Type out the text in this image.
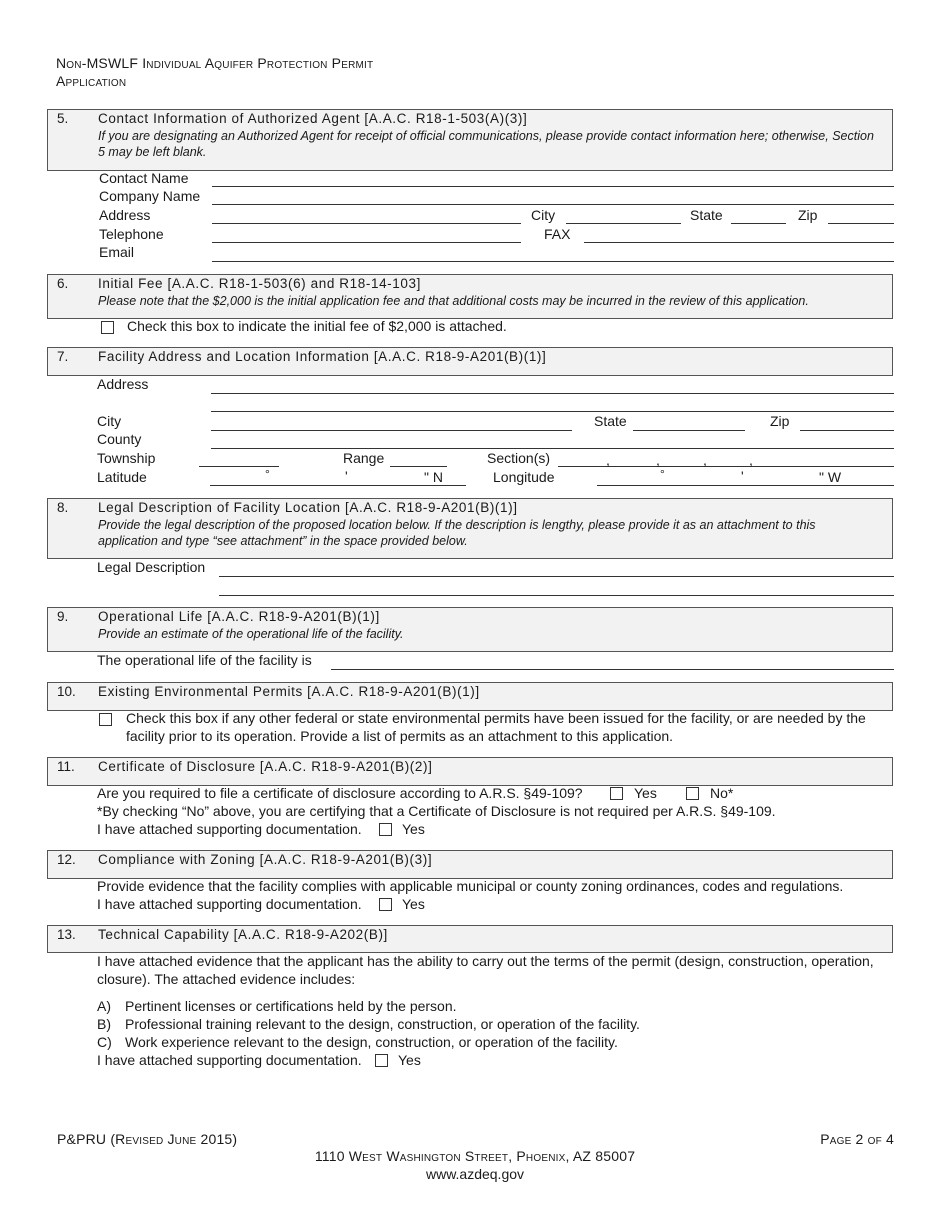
Non-MSWLF Individual Aquifer Protection Permit
Application
5. Contact Information of Authorized Agent [A.A.C. R18-1-503(A)(3)]
If you are designating an Authorized Agent for receipt of official communications, please provide contact information here; otherwise, Section 5 may be left blank.
Contact Name
Company Name
Address	City	State	Zip
Telephone	FAX
Email
6. Initial Fee [A.A.C. R18-1-503(6) and R18-14-103]
Please note that the $2,000 is the initial application fee and that additional costs may be incurred in the review of this application.
Check this box to indicate the initial fee of $2,000 is attached.
7. Facility Address and Location Information [A.A.C. R18-9-A201(B)(1)]
Address
City	State	Zip
County
Township	Range	Section(s)	,	,	,	,
Latitude	°	'	" N	Longitude	°	'	" W
8. Legal Description of Facility Location [A.A.C. R18-9-A201(B)(1)]
Provide the legal description of the proposed location below. If the description is lengthy, please provide it as an attachment to this application and type “see attachment” in the space provided below.
Legal Description
9. Operational Life [A.A.C. R18-9-A201(B)(1)]
Provide an estimate of the operational life of the facility.
The operational life of the facility is
10. Existing Environmental Permits [A.A.C. R18-9-A201(B)(1)]
Check this box if any other federal or state environmental permits have been issued for the facility, or are needed by the
facility prior to its operation. Provide a list of permits as an attachment to this application.
11. Certificate of Disclosure [A.A.C. R18-9-A201(B)(2)]
Are you required to file a certificate of disclosure according to A.R.S. §49-109?	Yes	No*
*By checking “No” above, you are certifying that a Certificate of Disclosure is not required per A.R.S. §49-109.
I have attached supporting documentation.	Yes
12. Compliance with Zoning [A.A.C. R18-9-A201(B)(3)]
Provide evidence that the facility complies with applicable municipal or county zoning ordinances, codes and regulations.
I have attached supporting documentation.	Yes
13. Technical Capability [A.A.C. R18-9-A202(B)]
I have attached evidence that the applicant has the ability to carry out the terms of the permit (design, construction, operation,
closure). The attached evidence includes:
A) Pertinent licenses or certifications held by the person.
B) Professional training relevant to the design, construction, or operation of the facility.
C) Work experience relevant to the design, construction, or operation of the facility.
I have attached supporting documentation.	Yes
P&PRU (Revised June 2015)	Page 2 of 4
1110 West Washington Street, Phoenix, AZ 85007
www.azdeq.gov
